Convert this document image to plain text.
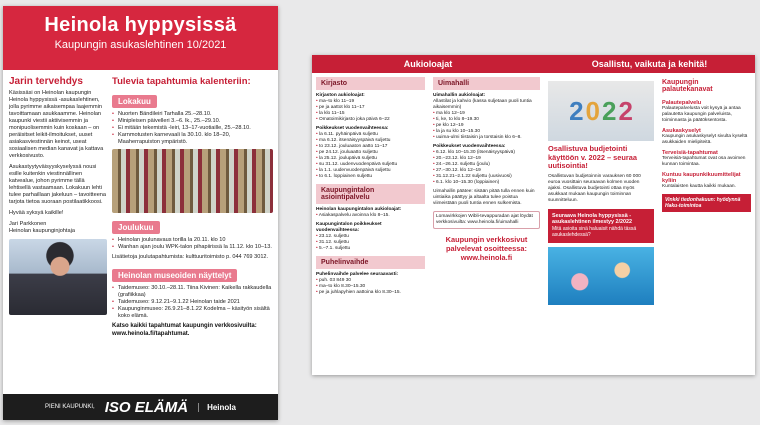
Heinola hyppysissä
Kaupungin asukaslehtinen 10/2021
Jarin tervehdys

Käsissäsi on Heinolan kaupungin Heinola hyppysissä -asukaslehtinen, jolla pyrimme aikaisempaa laajemmin tavoittamaan asukkaamme. Heinolan kaupunki viestii aktiivisemmin ja monipuolisemmin kuin koskaan – on peräisitset leikit-ilmoitukset, uuset asiakasviestinnän keinot, useat sosiaalisen median kanavat ja kattava verkkosivusto.

Asukastyytyväisyyskyselyssä nousi esille kuitenkin viestinnällinen katvealue, johon pyrimme tällä lehtisellä vastaamaan. Lokakuun lehti tulee parhaillaan jakeluun – tavoitteena tarjota tietoa suoraan postilaatikkoosi.

Hyvää syksyä kaikille!

Jari Parkkonen
Heinolan kaupunginjohtaja

Tulevia tapahtumia kalenteriin:
Lokakuu
• Nuorten Bändileiri Tarhalla 25.–28.10.
• Minipleisen päivelleri 3.–6. lk., 25.–29.10.
• Ei mitään tekemistä -leiri, 13–17-vuotiaille, 25.–28.10.
• Karnmotusten karnevaali la 30.10. klo 18–20, Maaherrapuiston ympäristö.
Joulukuu
• Heinolan joulunavaus torilla la 20.11. klo 10
• Wanhan ajan joulu WPK-talon pihapiirissä la 11.12. klo 10–13.

Lisätietoja joulutapahtumista: kulttuuritoimisto p. 044 769 3012.

Heinolan museoiden näyttelyt
• Taidemuseo: 30.10.–28.11. Tiina Kivinen: Kaikella rakkaudella (grafiikkaa)
• Taidemuseo: 9.12.21–9.1.22 Heinolan taide 2021
• Kaupunginmuseo: 26.9.21–8.1.22 Kodelma – käsityön sisältä koko elämä.

Katso kaikki tapahtumat kaupungin verkkosivuilta: www.heinola.fi/tapahtumat.

PIENI KAUPUNKI, ISO ELÄMÄ	Heinola
Aukioloajat	Osallistu, vaikuta ja kehitä!
Kirjasto
Kirjaston aukioloajat:
• ma–to klo 11–19
• pe ja aattot klo 11–17
• la klo 11–15
• Omatoimikirjasto joka päivä 6–22
Poikkeukset vuodenvaihteessa:
• la 6.11. pyhäinpäivä suljettu
• ma 6.12. itsenäisyyspäivä suljettu
• to 23.12. jouluaaton aatto 11–17
• pe 24.12. jouluaatto suljettu
• la 25.12. joulupäivä suljettu
• su 31.12. uudenvuodenpäivä suljettu
• la 1.1. uudenvuodenpäivä suljettu
• to 6.1. loppiainen suljettu
Kaupungintalon asiointipalvelu
Heinolan kaupungintalon aukioloajat:
• Asiakaspalvelu avoinna klo 8–15.
Kaupungintalon poikkeukset vuodenvaihteessa:
• 23.12. suljettu
• 31.12. suljettu
• 5.–7.1. suljettu
Puhelinvaihde
Puhelinvaihde palvelee seuraavasti:
• puh. 03 849 30
• ma–to klo 8.30–15.30
• pe ja juhlapyhien aattoina klo 8.30–15.
Uimahalli
Uimahallin aukioloajat:
Allastilat ja kahvio (kassa suljetaan puoli tuntia aikaisemmin)
• ma klo 12–19
• ti, ke, to klo 8–19.30
• pe klo 12–19
• la ja su klo 10–15.30
• uuima-ulmi tiistaisin ja torstaisin klo 6–8.
Poikkeukset vuodenvaihteessa:
• 6.12. klo 10–15.30 (itsenäisyyspäivä)
• 20.–23.12. klo 12–19
• 24.–26.12. suljettu (joulu)
• 27.–30.12. klo 12–19
• 31.12.21–2.1.22 suljettu (uusivuosi)
• 6.1. klo 10–15.30 (loppiainen)

Uimahallin päätee: sisään pitää tulla ennen kuin uintiaika päättyy ja altaalta tulee poistua viimeistään puoli tuntia ennen sulkemista.

Lomavirkkojen Wibli-tevappuradan ajat löydät verkkosivuilta: www.heinola.fi/uimahalli
Kaupungin verkkosivut palvelevat osoitteessa:
www.heinola.fi
2 0 2 2
Osallistuva budjetointi käyttöön v. 2022 – seuraa uutisointia!

Osallistuvan budjetoinnin varauksen 60 000 euroa vuosittain seuraavan kolmen vuoden ajaksi. Osallistuva budjetointi ottaa myös asukkaat mukaan kaupungin toiminnan suunnitteluun.

Seuraava Heinola hyppysissä -asukaslehtinen ilmestyy 2/2022
Mitä asioita sinä haluaisit nähdä tässä asukaslehdessä?
Kaupungin palautekanavat
Palautepalvelu

Palautepalvelusta voit kysyä ja antaa palautetta kaupungin palveluista, toiminnasta ja päätöksentosta.

Asukaskyselyt

Kaupungin asukaskyselyt sivulta kyseltä asukkaiden mielipiteitä.

Terveisiä-tapahtumat

Terveisiä-tapahtumat ovat osa avoimen kunnan toimintaa.

Kuntuu kaupunkikuumittelijat kyliin

Kuntalaisten kautta kaikki mukaan.

Vinkki tiedonhakuun: hyödynnä Haku-toimintoa
